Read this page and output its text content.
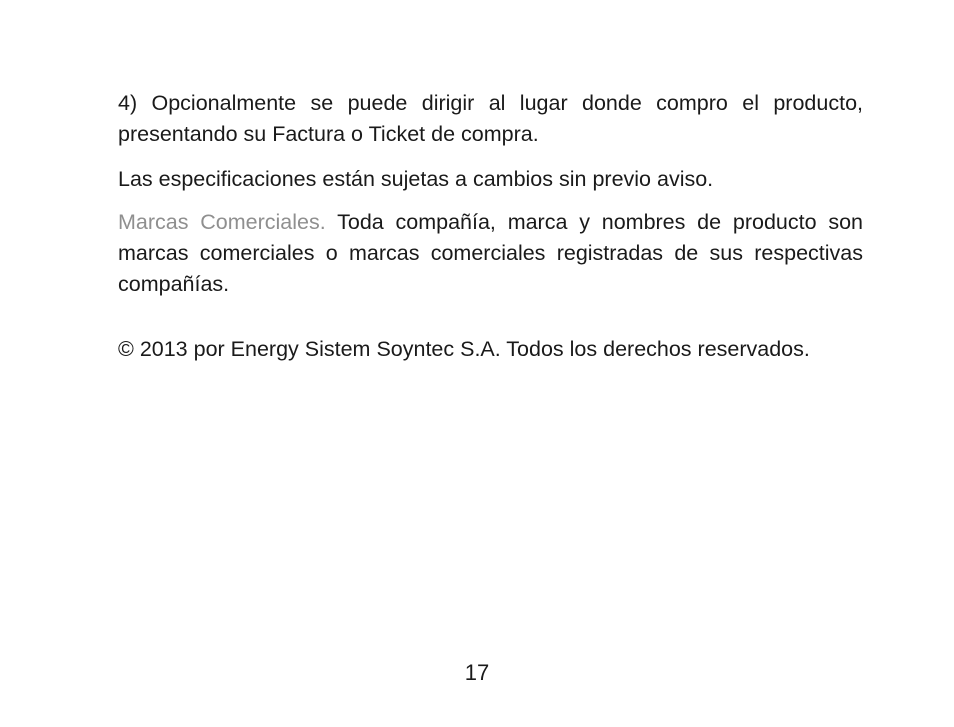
4) Opcionalmente se puede dirigir al lugar donde compro el producto, presentando su Factura o Ticket de compra.

Las especificaciones están sujetas a cambios sin previo aviso.

Marcas Comerciales. Toda compañía, marca y nombres de producto son marcas comerciales o marcas comerciales registradas de sus respectivas compañías.

© 2013 por Energy Sistem Soyntec S.A. Todos los derechos reservados.

17
